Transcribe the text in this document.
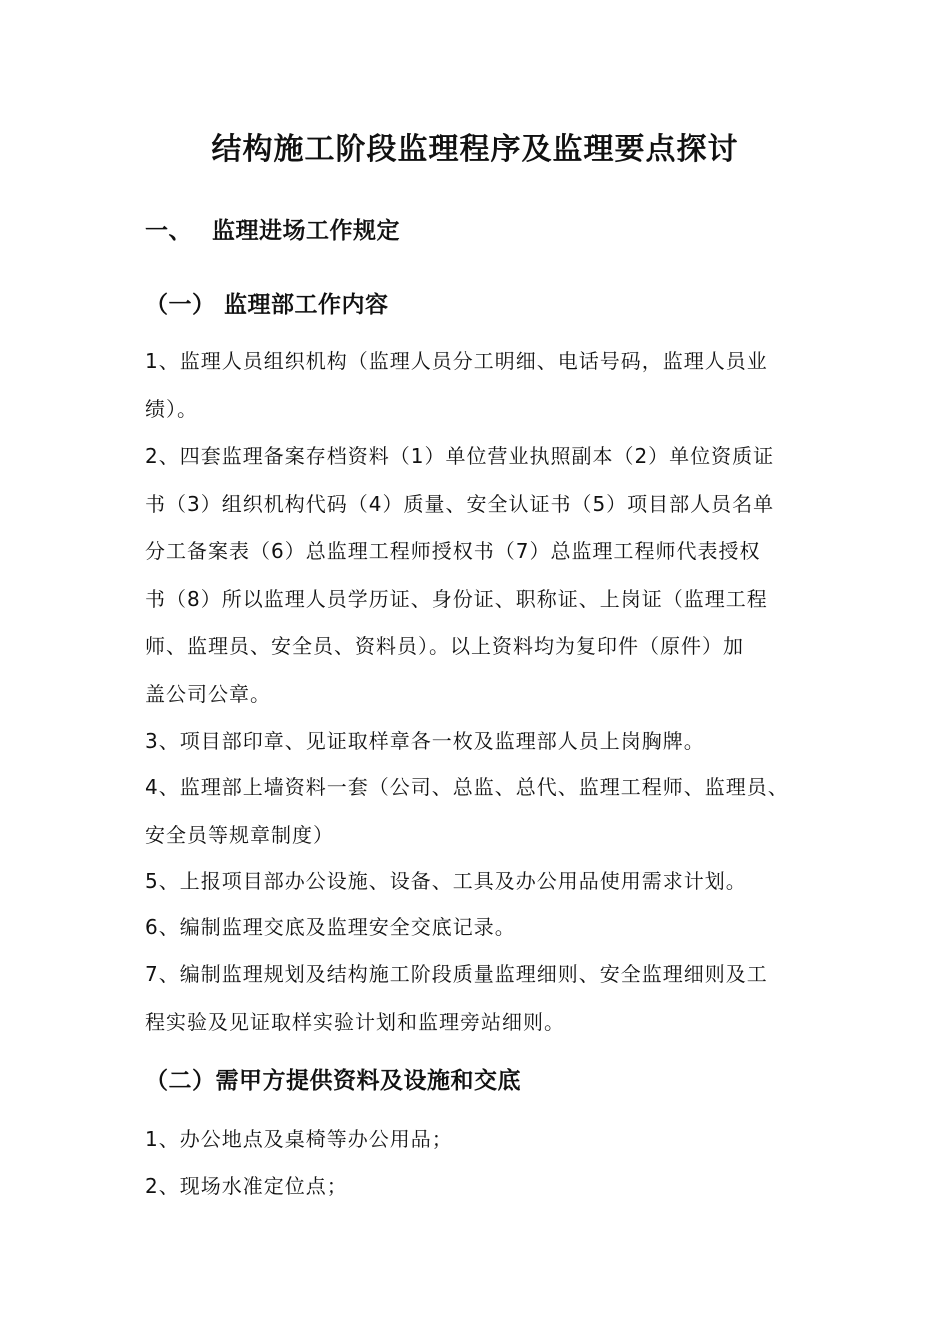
结构施工阶段监理程序及监理要点探讨
一、 监理进场工作规定
（一） 监理部工作内容

1、监理人员组织机构（监理人员分工明细、电话号码，监理人员业
绩）。

2、四套监理备案存档资料（1）单位营业执照副本（2）单位资质证
书（3）组织机构代码（4）质量、安全认证书（5）项目部人员名单
分工备案表（6）总监理工程师授权书（7）总监理工程师代表授权
书（8）所以监理人员学历证、身份证、职称证、上岗证（监理工程
师、监理员、安全员、资料员）。以上资料均为复印件（原件）加
盖公司公章。

3、项目部印章、见证取样章各一枚及监理部人员上岗胸牌。

4、监理部上墙资料一套（公司、总监、总代、监理工程师、监理员、
安全员等规章制度）

5、上报项目部办公设施、设备、工具及办公用品使用需求计划。

6、编制监理交底及监理安全交底记录。

7、编制监理规划及结构施工阶段质量监理细则、安全监理细则及工
程实验及见证取样实验计划和监理旁站细则。

（二）需甲方提供资料及设施和交底

1、办公地点及桌椅等办公用品；

2、现场水准定位点；
